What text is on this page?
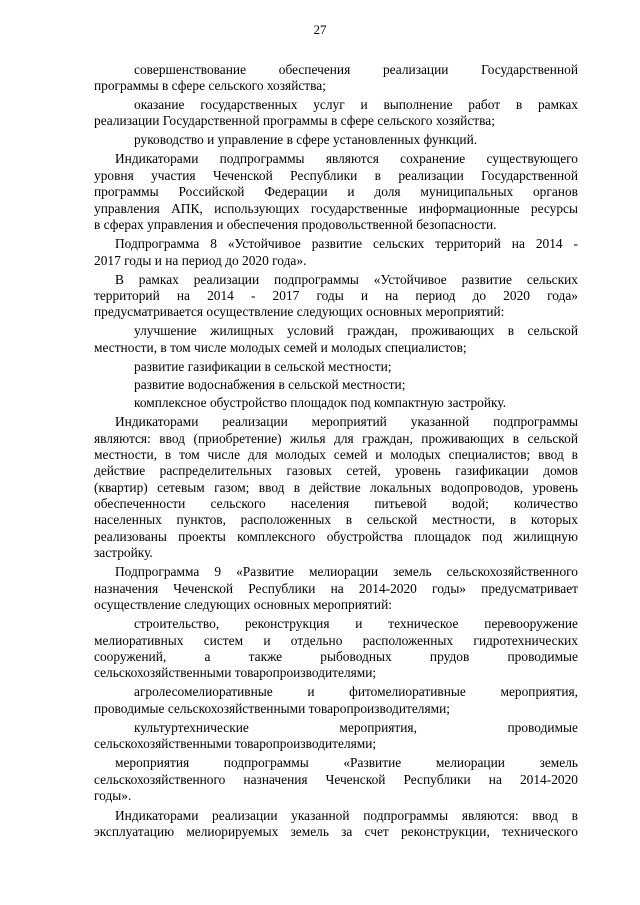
27
совершенствование обеспечения реализации Государственной
программы в сфере сельского хозяйства;
оказание государственных услуг и выполнение работ в рамках
реализации Государственной программы в сфере сельского хозяйства;
руководство и управление в сфере установленных функций.
Индикаторами подпрограммы являются сохранение существующего
уровня участия Чеченской Республики в реализации Государственной
программы Российской Федерации и доля муниципальных органов
управления АПК, использующих государственные информационные ресурсы
в сферах управления и обеспечения продовольственной безопасности.
Подпрограмма 8 «Устойчивое развитие сельских территорий на 2014 -
2017 годы и на период до 2020 года».
В рамках реализации подпрограммы «Устойчивое развитие сельских
территорий на 2014 - 2017 годы и на период до 2020 года»
предусматривается осуществление следующих основных мероприятий:
улучшение жилищных условий граждан, проживающих в сельской
местности, в том числе молодых семей и молодых специалистов;
развитие газификации в сельской местности;
развитие водоснабжения в сельской местности;
комплексное обустройство площадок под компактную застройку.
Индикаторами реализации мероприятий указанной подпрограммы
являются: ввод (приобретение) жилья для граждан, проживающих в сельской
местности, в том числе для молодых семей и молодых специалистов; ввод в
действие распределительных газовых сетей, уровень газификации домов
(квартир) сетевым газом; ввод в действие локальных водопроводов, уровень
обеспеченности сельского населения питьевой водой; количество
населенных пунктов, расположенных в сельской местности, в которых
реализованы проекты комплексного обустройства площадок под жилищную
застройку.
Подпрограмма 9 «Развитие мелиорации земель сельскохозяйственного
назначения Чеченской Республики на 2014-2020 годы» предусматривает
осуществление следующих основных мероприятий:
строительство, реконструкция и техническое перевооружение
мелиоративных систем и отдельно расположенных гидротехнических
сооружений, а также рыбоводных прудов проводимые
сельскохозяйственными товаропроизводителями;
агролесомелиоративные и фитомелиоративные мероприятия,
проводимые сельскохозяйственными товаропроизводителями;
культуртехнические мероприятия, проводимые
сельскохозяйственными товаропроизводителями;
мероприятия подпрограммы «Развитие мелиорации земель
сельскохозяйственного назначения Чеченской Республики на 2014-2020
годы».
Индикаторами реализации указанной подпрограммы являются: ввод в
эксплуатацию мелиорируемых земель за счет реконструкции, технического
